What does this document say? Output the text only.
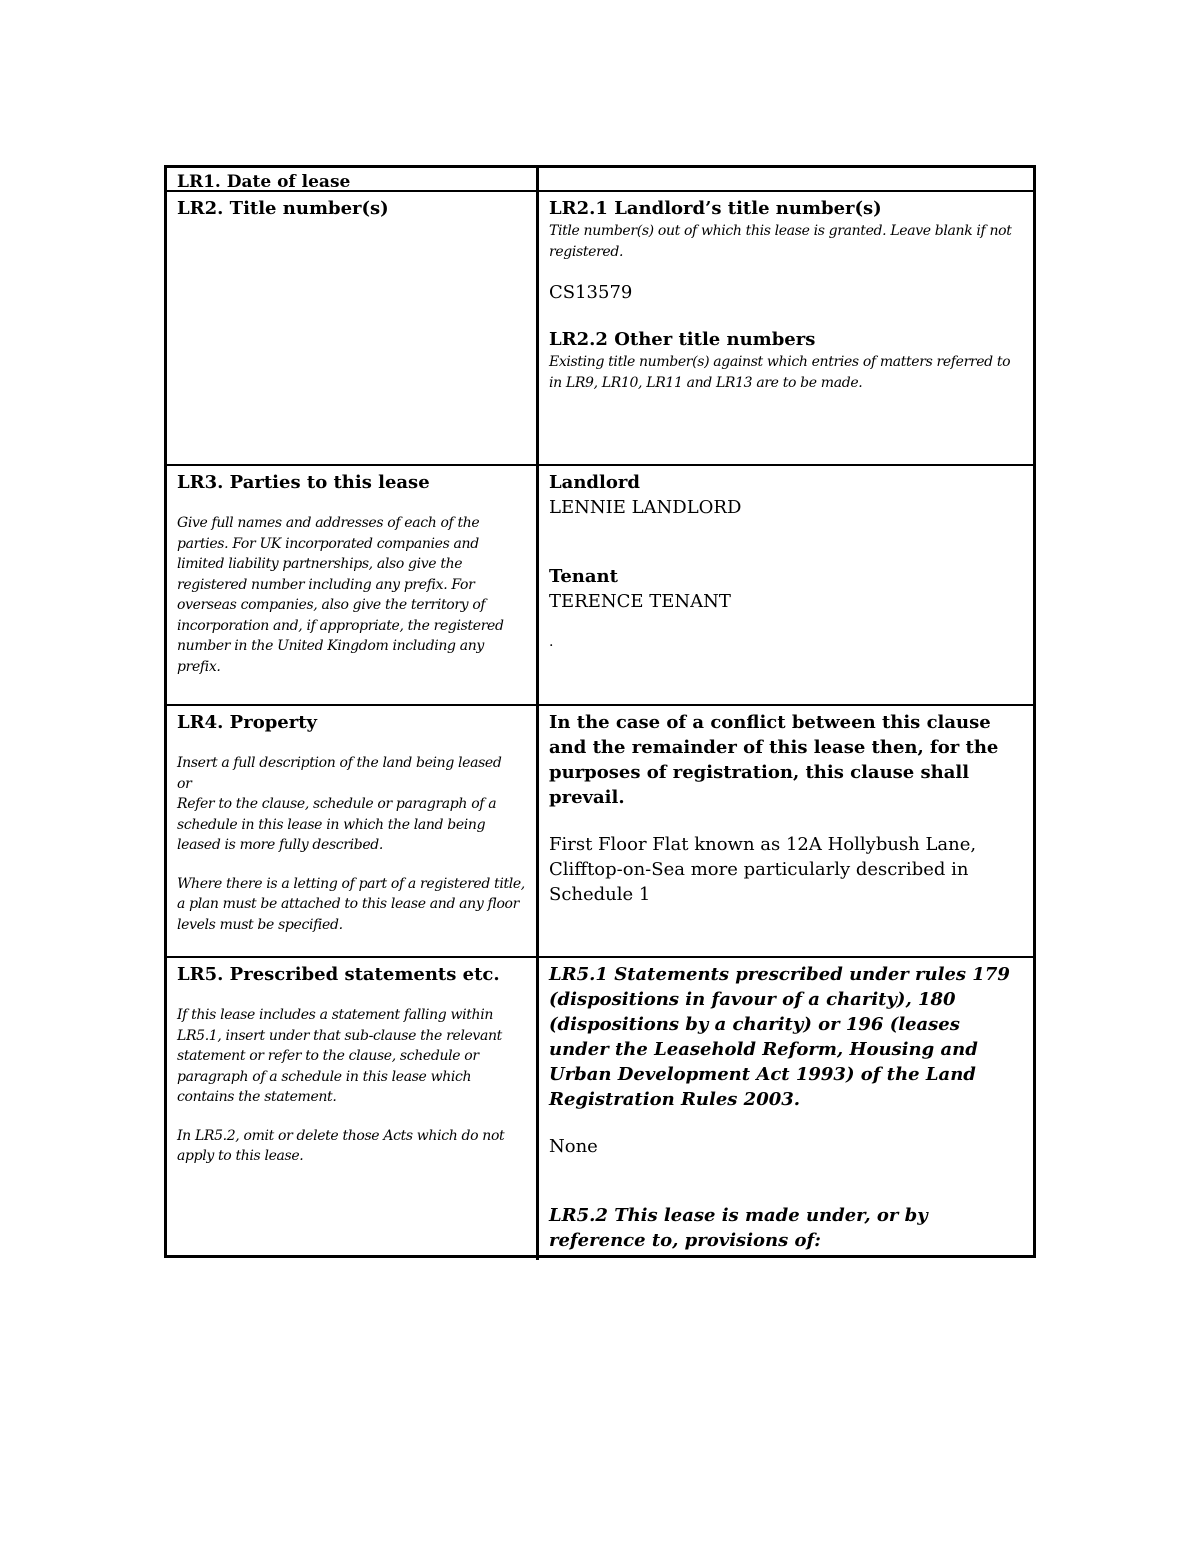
LR1. Date of lease

LR2. Title number(s)	LR2.1 Landlord’s title number(s)

Title number(s) out of which this lease is granted. Leave blank if not registered.

CS13579

LR2.2 Other title numbers

Existing title number(s) against which entries of matters referred to in LR9, LR10, LR11 and LR13 are to be made.

LR3. Parties to this lease

Give full names and addresses of each of the parties. For UK incorporated companies and limited liability partnerships, also give the registered number including any prefix. For overseas companies, also give the territory of incorporation and, if appropriate, the registered number in the United Kingdom including any prefix.

Landlord

LENNIE LANDLORD

Tenant

TERENCE TENANT

.

LR4. Property

Insert a full description of the land being leased

or

Refer to the clause, schedule or paragraph of a schedule in this lease in which the land being leased is more fully described.

Where there is a letting of part of a registered title, a plan must be attached to this lease and any floor levels must be specified.

In the case of a conflict between this clause and the remainder of this lease then, for the purposes of registration, this clause shall prevail.

First Floor Flat known as 12A Hollybush Lane, Clifftop-on-Sea more particularly described in Schedule 1

LR5. Prescribed statements etc.

If this lease includes a statement falling within LR5.1, insert under that sub-clause the relevant statement or refer to the clause, schedule or paragraph of a schedule in this lease which contains the statement.

In LR5.2, omit or delete those Acts which do not apply to this lease.

LR5.1 Statements prescribed under rules 179 (dispositions in favour of a charity), 180 (dispositions by a charity) or 196 (leases under the Leasehold Reform, Housing and Urban Development Act 1993) of the Land Registration Rules 2003.

None

LR5.2 This lease is made under, or by reference to, provisions of:
